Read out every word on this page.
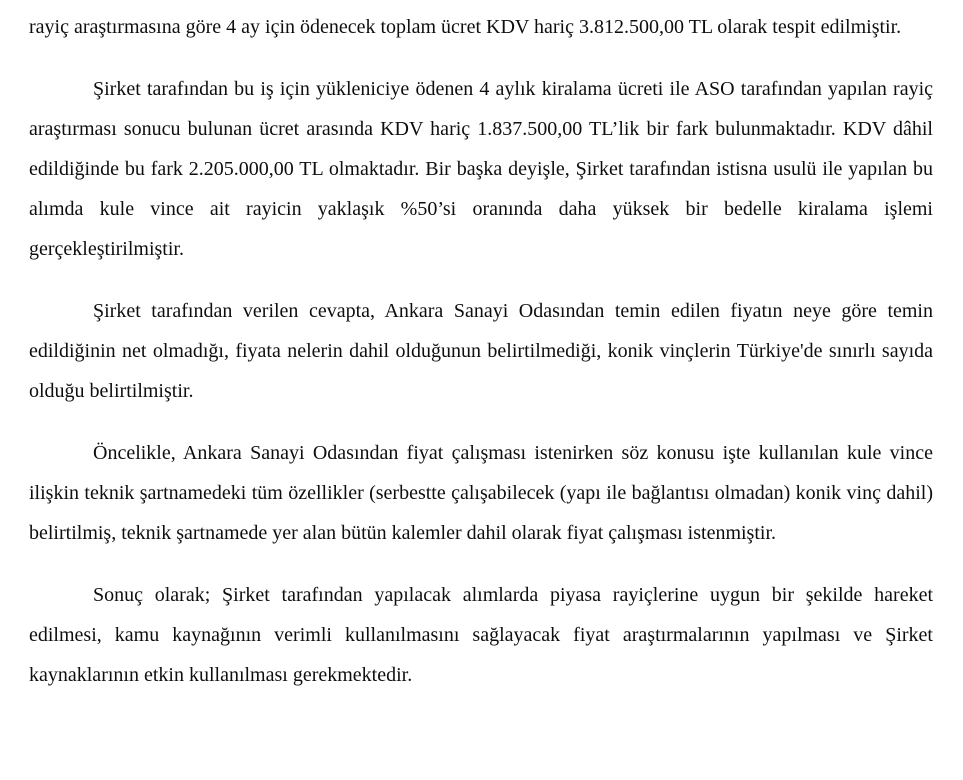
rayiç araştırmasına göre 4 ay için ödenecek toplam ücret KDV hariç 3.812.500,00 TL olarak tespit edilmiştir.

Şirket tarafından bu iş için yükleniciye ödenen 4 aylık kiralama ücreti ile ASO tarafından yapılan rayiç araştırması sonucu bulunan ücret arasında KDV hariç 1.837.500,00 TL’lik bir fark bulunmaktadır. KDV dâhil edildiğinde bu fark 2.205.000,00 TL olmaktadır. Bir başka deyişle, Şirket tarafından istisna usulü ile yapılan bu alımda kule vince ait rayicin yaklaşık %50’si oranında daha yüksek bir bedelle kiralama işlemi gerçekleştirilmiştir.

Şirket tarafından verilen cevapta, Ankara Sanayi Odasından temin edilen fiyatın neye göre temin edildiğinin net olmadığı, fiyata nelerin dahil olduğunun belirtilmediği, konik vinçlerin Türkiye'de sınırlı sayıda olduğu belirtilmiştir.

Öncelikle, Ankara Sanayi Odasından fiyat çalışması istenirken söz konusu işte kullanılan kule vince ilişkin teknik şartnamedeki tüm özellikler (serbestte çalışabilecek (yapı ile bağlantısı olmadan) konik vinç dahil) belirtilmiş, teknik şartnamede yer alan bütün kalemler dahil olarak fiyat çalışması istenmiştir.

Sonuç olarak; Şirket tarafından yapılacak alımlarda piyasa rayiçlerine uygun bir şekilde hareket edilmesi, kamu kaynağının verimli kullanılmasını sağlayacak fiyat araştırmalarının yapılması ve Şirket kaynaklarının etkin kullanılması gerekmektedir.
